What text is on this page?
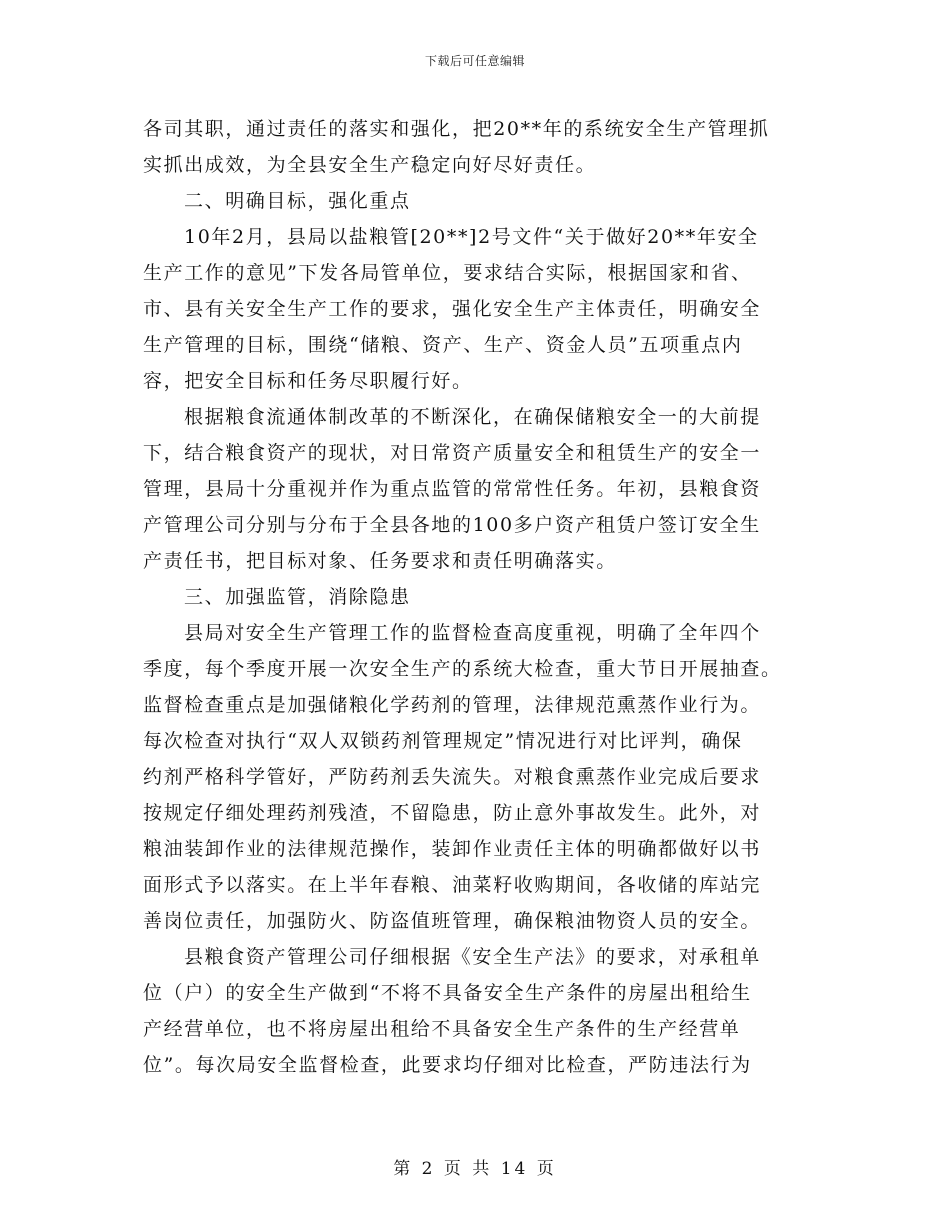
下载后可任意编辑
各司其职，通过责任的落实和强化，把20**年的系统安全生产管理抓
实抓出成效，为全县安全生产稳定向好尽好责任。
二、明确目标，强化重点
10年2月，县局以盐粮管[20**]2号文件“关于做好20**年安全
生产工作的意见”下发各局管单位，要求结合实际，根据国家和省、
市、县有关安全生产工作的要求，强化安全生产主体责任，明确安全
生产管理的目标，围绕“储粮、资产、生产、资金人员”五项重点内
容，把安全目标和任务尽职履行好。
根据粮食流通体制改革的不断深化，在确保储粮安全一的大前提
下，结合粮食资产的现状，对日常资产质量安全和租赁生产的安全一
管理，县局十分重视并作为重点监管的常常性任务。年初，县粮食资
产管理公司分别与分布于全县各地的100多户资产租赁户签订安全生
产责任书，把目标对象、任务要求和责任明确落实。
三、加强监管，消除隐患
县局对安全生产管理工作的监督检查高度重视，明确了全年四个
季度，每个季度开展一次安全生产的系统大检查，重大节日开展抽查。
监督检查重点是加强储粮化学药剂的管理，法律规范熏蒸作业行为。
每次检查对执行“双人双锁药剂管理规定”情况进行对比评判，确保
约剂严格科学管好，严防药剂丢失流失。对粮食熏蒸作业完成后要求
按规定仔细处理药剂残渣，不留隐患，防止意外事故发生。此外，对
粮油装卸作业的法律规范操作，装卸作业责任主体的明确都做好以书
面形式予以落实。在上半年春粮、油菜籽收购期间，各收储的库站完
善岗位责任，加强防火、防盗值班管理，确保粮油物资人员的安全。
县粮食资产管理公司仔细根据《安全生产法》的要求，对承租单
位（户）的安全生产做到“不将不具备安全生产条件的房屋出租给生
产经营单位，也不将房屋出租给不具备安全生产条件的生产经营单
位”。每次局安全监督检查，此要求均仔细对比检查，严防违法行为
第 2 页 共 14 页
